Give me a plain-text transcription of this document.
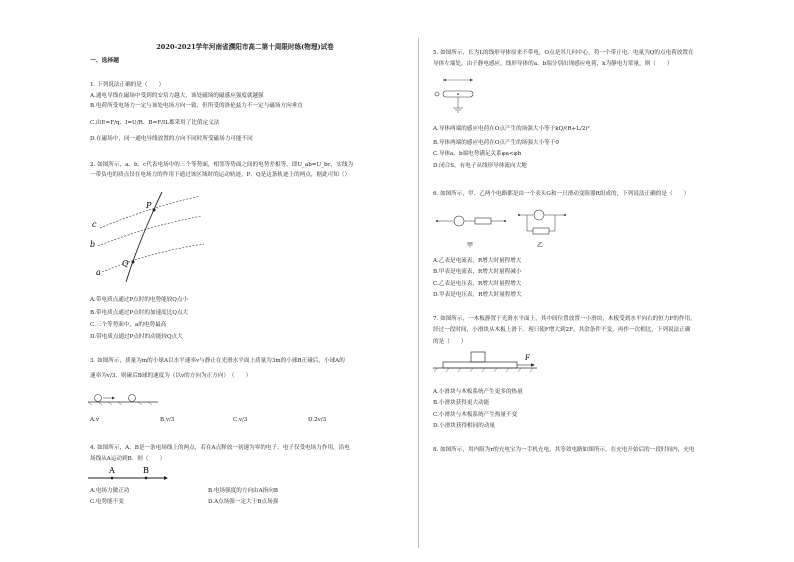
2020-2021学年河南省濮阳市高二第十周限时练(物理)试卷
一、选择题
1. 下列说法正确的是（　　）
A.通电导线在磁场中受到的安培力越大，该处磁场的磁感应强度就越强
B.电荷所受电场力一定与该处电场方向一致，但所受的洛伦兹力不一定与磁场方向垂直
C.由E=F/q、I=U/R、B=F/IL都采用了比值定义法
D.在磁场中，同一通电导线放置的方向不同时所受磁场力可能不同
2. 如图所示，a、b、c代表电场中的三个等势面，相邻等势面之间的电势差相等，即U_ab=U_bc，实线为
一带负电的质点仅在电场力的作用下通过该区域时的运动轨迹，P、Q是这条轨迹上的两点，据此可知（）
c
b
a
P
Q
A.带电质点通过P点时的电势能较Q点小
B.带电质点通过P点时的加速度比Q点大
C.三个等势面中，a的电势最高
D.带电质点通过P点时的动能较Q点大
3. 如图所示，质量为m的小球A以水平速率v与静止在光滑水平面上质量为3m的小球B正碰后，小球A的
速率为v/3，则碰后B球的速度为（以v的方向为正方向）　（　　）
A.v	B.v/3	C.v/3	D.2v/3
4. 如图所示，A、B是一条电场线上的两点，若在A点释放一初速为零的电子，电子仅受电场力作用，沿电
场线从A运动到B．则（　　）
A	B
A.电场力做正功	B.电场强度的方向由A指向B
C.电势能不变	D.A点场强一定大于B点场强
5. 如图所示，长为L的线形导体原来不带电，O点是其几何中心，将一个带正电、电量为Q的点电荷放置在
导体左端处，由于静电感应，线形导体的a、b端分别出现感应电荷，k为静电力常量，则（　　）
A.导体两端的感应电荷在O点产生的场强大小等于kQ/(R+L/2)²
B.导体两端的感应电荷在O点产生的场强大小等于0
C.导体a、b端电势满足关系φa<φb
D.闭合S，有电子从线形导体流向大地
6. 如图所示，甲、乙两个电路都是由一个表头G和一只滑动变阻器R组成的，下列说法正确的是（　　）
甲	乙
A.乙表是电流表，R增大时量程增大
B.甲表是电流表，R增大时量程减小
C.乙表是电压表，R增大时量程增大
D.甲表是电压表，R增大时量程增大
7. 如图所示，一木板静置于光滑水平面上，其中间位置放置一小滑块，木板受到水平向右的恒力F的作用，
经过一段时间，小滑块从木板上滑下。现只使F增大到2F，其余条件不变，再作一次相比，下列说法正确
的是（　　）
F
A.小滑块与木板系统产生更多的热量
B.小滑块获得更大动能
C.小滑块与木板系统产生热量不变
D.小滑块获得相同的动量
8. 如图所示，用内阻为r的充电宝为一手机充电，其等效电路如图所示。在充电开始后的一段时间内，充电
